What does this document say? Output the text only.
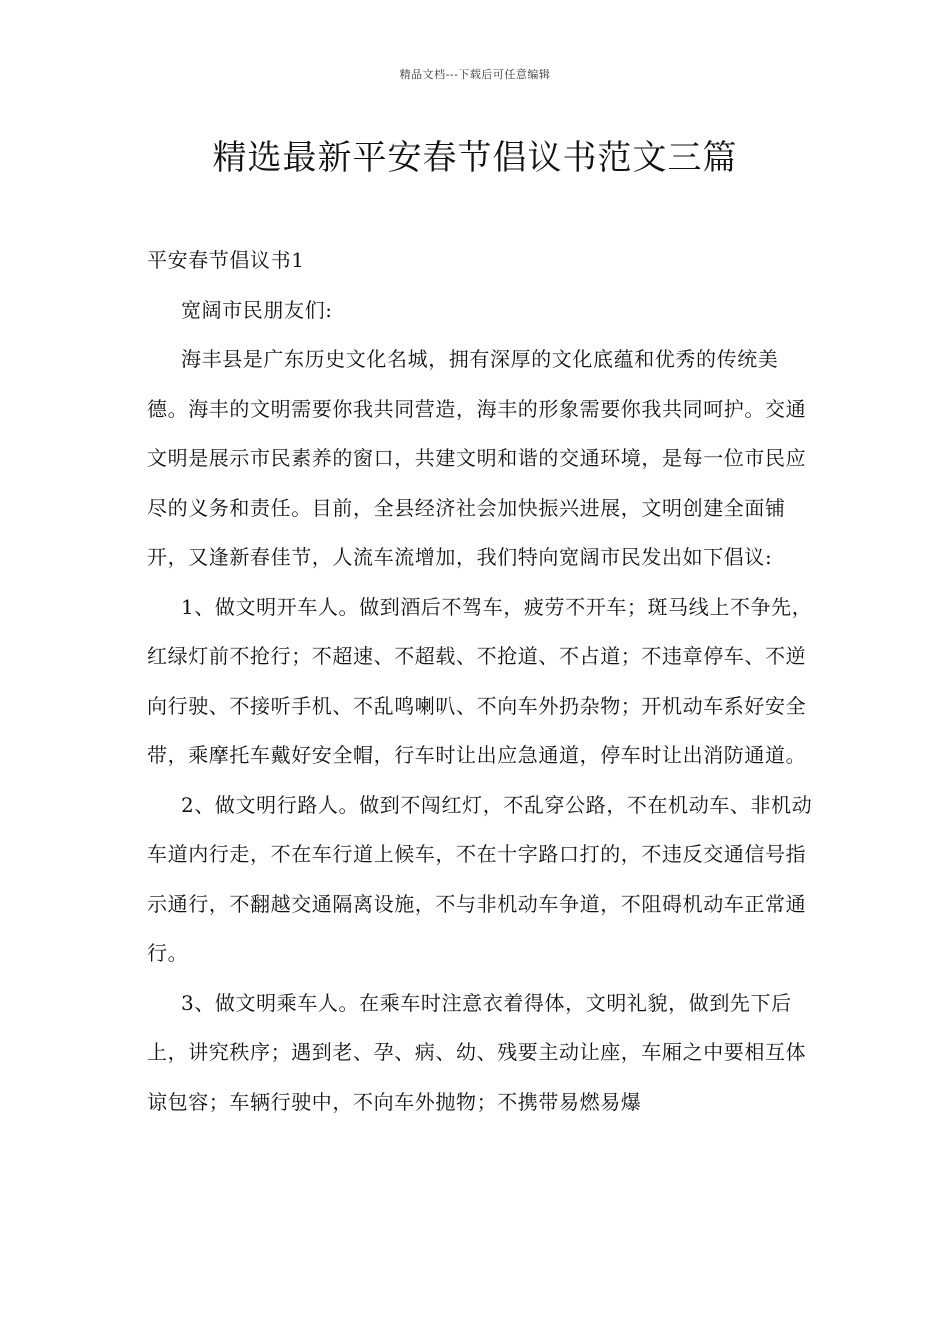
精品文档---下载后可任意编辑
精选最新平安春节倡议书范文三篇

平安春节倡议书1

宽阔市民朋友们:

海丰县是广东历史文化名城，拥有深厚的文化底蕴和优秀的传统美德。海丰的文明需要你我共同营造，海丰的形象需要你我共同呵护。交通文明是展示市民素养的窗口，共建文明和谐的交通环境，是每一位市民应尽的义务和责任。目前，全县经济社会加快振兴进展，文明创建全面铺开，又逢新春佳节，人流车流增加，我们特向宽阔市民发出如下倡议:

1、做文明开车人。做到酒后不驾车，疲劳不开车；斑马线上不争先，红绿灯前不抢行；不超速、不超载、不抢道、不占道；不违章停车、不逆向行驶、不接听手机、不乱鸣喇叭、不向车外扔杂物；开机动车系好安全带，乘摩托车戴好安全帽，行车时让出应急通道，停车时让出消防通道。

2、做文明行路人。做到不闯红灯，不乱穿公路，不在机动车、非机动车道内行走，不在车行道上候车，不在十字路口打的，不违反交通信号指示通行，不翻越交通隔离设施，不与非机动车争道，不阻碍机动车正常通行。

3、做文明乘车人。在乘车时注意衣着得体，文明礼貌，做到先下后上，讲究秩序；遇到老、孕、病、幼、残要主动让座，车厢之中要相互体谅包容；车辆行驶中，不向车外抛物；不携带易燃易爆
